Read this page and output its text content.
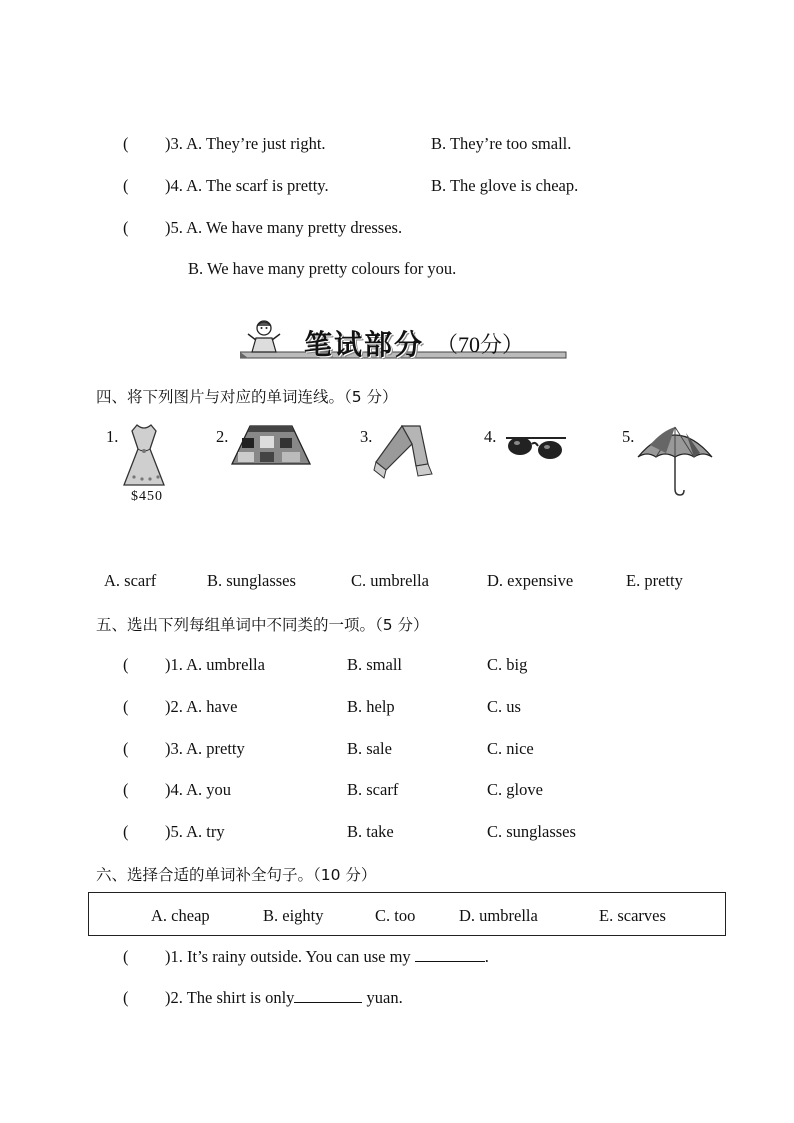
( )3. A. They’re just right.	B. They’re too small.
( )4. A. The scarf is pretty.	B. The glove is cheap.
( )5. A. We have many pretty dresses.
B. We have many pretty colours for you.
笔试部分 （70分）
四、将下列图片与对应的单词连线。（5 分）
1.
$450
2.	3.	4.	5.
A. scarf	B. sunglasses	C. umbrella	D. expensive	E. pretty
五、选出下列每组单词中不同类的一项。（5 分）
( )1. A. umbrella	B. small	C. big
( )2. A. have	B. help	C. us
( )3. A. pretty	B. sale	C. nice
( )4. A. you	B. scarf	C. glove
( )5. A. try	B. take	C. sunglasses
六、选择合适的单词补全句子。（10 分）
A. cheap	B. eighty	C. too	D. umbrella	E. scarves
( )1. It’s rainy outside. You can use my	.
( )2. The shirt is only	yuan.
